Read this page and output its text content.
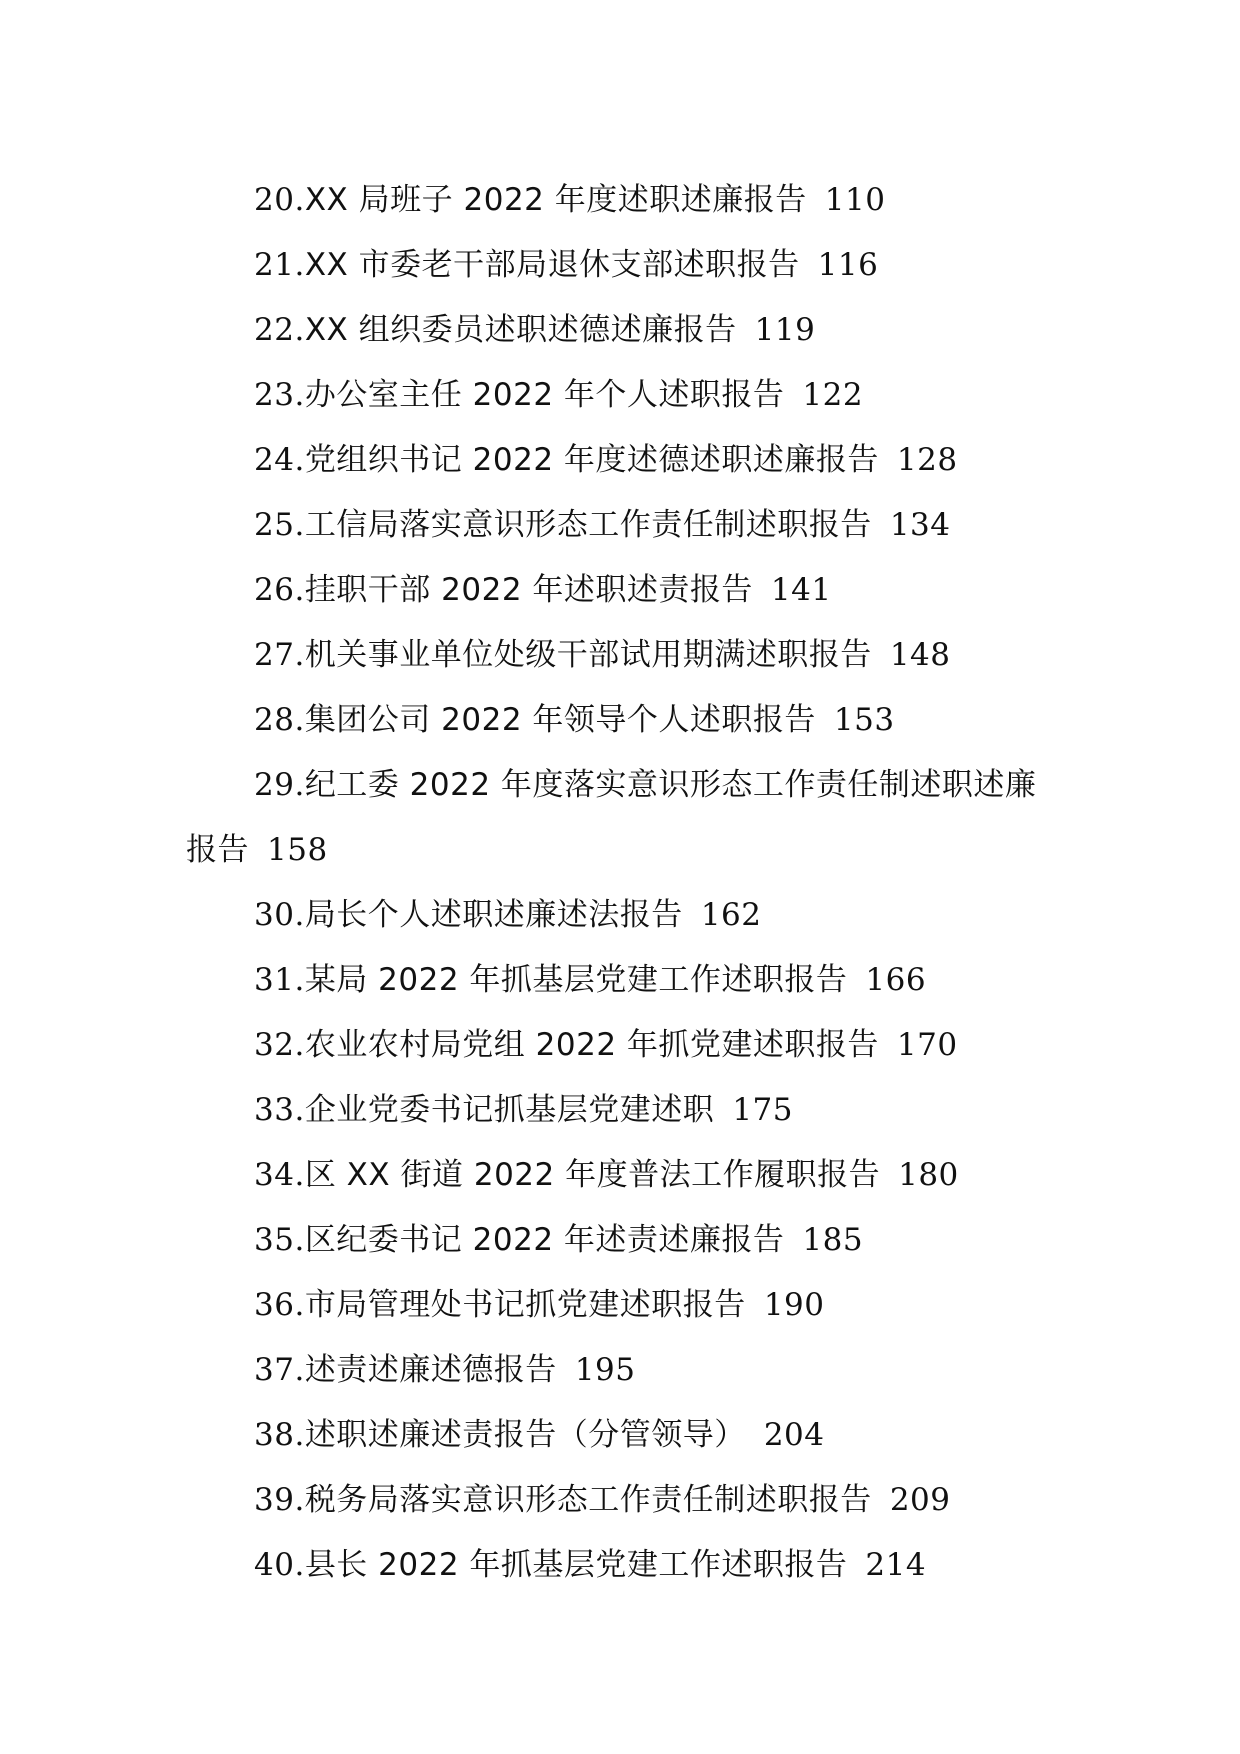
20.XX 局班子 2022 年度述职述廉报告 110
21.XX 市委老干部局退休支部述职报告 116
22.XX 组织委员述职述德述廉报告 119
23.办公室主任 2022 年个人述职报告 122
24.党组织书记 2022 年度述德述职述廉报告 128
25.工信局落实意识形态工作责任制述职报告 134
26.挂职干部 2022 年述职述责报告 141
27.机关事业单位处级干部试用期满述职报告 148
28.集团公司 2022 年领导个人述职报告 153
29.纪工委 2022 年度落实意识形态工作责任制述职述廉
报告 158
30.局长个人述职述廉述法报告 162
31.某局 2022 年抓基层党建工作述职报告 166
32.农业农村局党组 2022 年抓党建述职报告 170
33.企业党委书记抓基层党建述职 175
34.区 XX 街道 2022 年度普法工作履职报告 180
35.区纪委书记 2022 年述责述廉报告 185
36.市局管理处书记抓党建述职报告 190
37.述责述廉述德报告 195
38.述职述廉述责报告（分管领导） 204
39.税务局落实意识形态工作责任制述职报告 209
40.县长 2022 年抓基层党建工作述职报告 214
